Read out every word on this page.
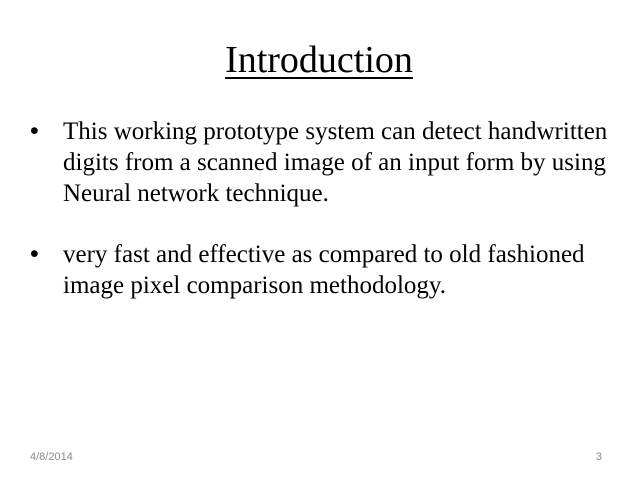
Introduction
• This working prototype system can detect handwritten digits from a scanned image of an input form by using Neural network technique.
• very fast and effective as compared to old fashioned image pixel comparison methodology.
4/8/2014	3
